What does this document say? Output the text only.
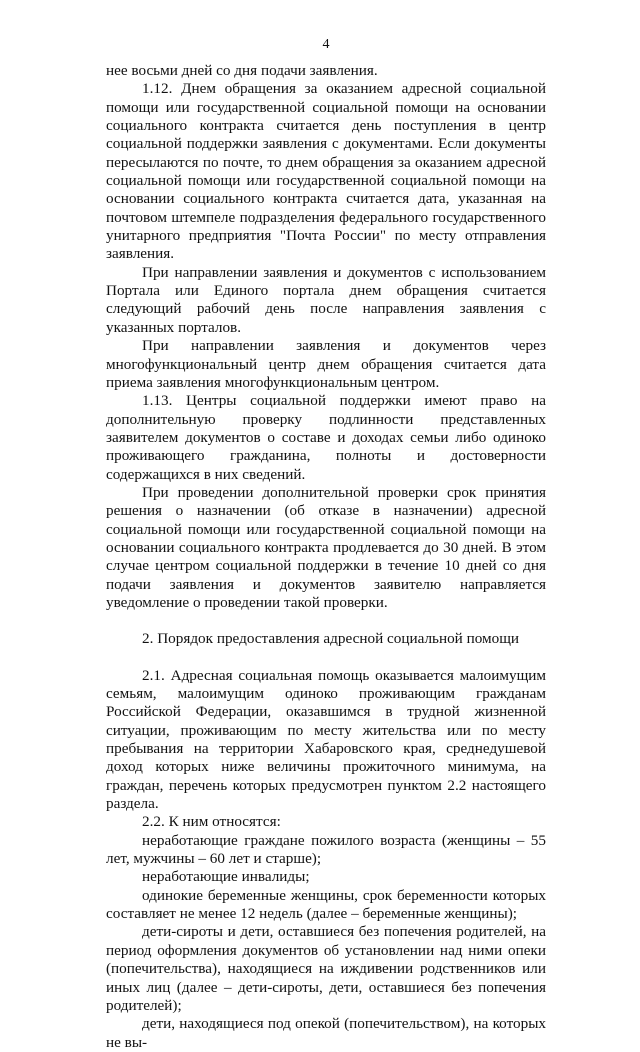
4

нее восьми дней со дня подачи заявления.

1.12. Днем обращения за оказанием адресной социальной помощи или государственной социальной помощи на основании социального контракта считается день поступления в центр социальной поддержки заявления с документами. Если документы пересылаются по почте, то днем обращения за оказанием адресной социальной помощи или государственной социальной помощи на основании социального контракта считается дата, указанная на почтовом штемпеле подразделения федерального государственного унитарного предприятия "Почта России" по месту отправления заявления.

При направлении заявления и документов с использованием Портала или Единого портала днем обращения считается следующий рабочий день после направления заявления с указанных порталов.

При направлении заявления и документов через многофункциональный центр днем обращения считается дата приема заявления многофункциональным центром.

1.13. Центры социальной поддержки имеют право на дополнительную проверку подлинности представленных заявителем документов о составе и доходах семьи либо одиноко проживающего гражданина, полноты и достоверности содержащихся в них сведений.

При проведении дополнительной проверки срок принятия решения о назначении (об отказе в назначении) адресной социальной помощи или государственной социальной помощи на основании социального контракта продлевается до 30 дней. В этом случае центром социальной поддержки в течение 10 дней со дня подачи заявления и документов заявителю направляется уведомление о проведении такой проверки.

2. Порядок предоставления адресной социальной помощи

2.1. Адресная социальная помощь оказывается малоимущим семьям, малоимущим одиноко проживающим гражданам Российской Федерации, оказавшимся в трудной жизненной ситуации, проживающим по месту жительства или по месту пребывания на территории Хабаровского края, среднедушевой доход которых ниже величины прожиточного минимума, на граждан, перечень которых предусмотрен пунктом 2.2 настоящего раздела.

2.2. К ним относятся:

неработающие граждане пожилого возраста (женщины – 55 лет, мужчины – 60 лет и старше);

неработающие инвалиды;

одинокие беременные женщины, срок беременности которых составляет не менее 12 недель (далее – беременные женщины);

дети-сироты и дети, оставшиеся без попечения родителей, на период оформления документов об установлении над ними опеки (попечительства), находящиеся на иждивении родственников или иных лиц (далее – дети-сироты, дети, оставшиеся без попечения родителей);

дети, находящиеся под опекой (попечительством), на которых не вы-
